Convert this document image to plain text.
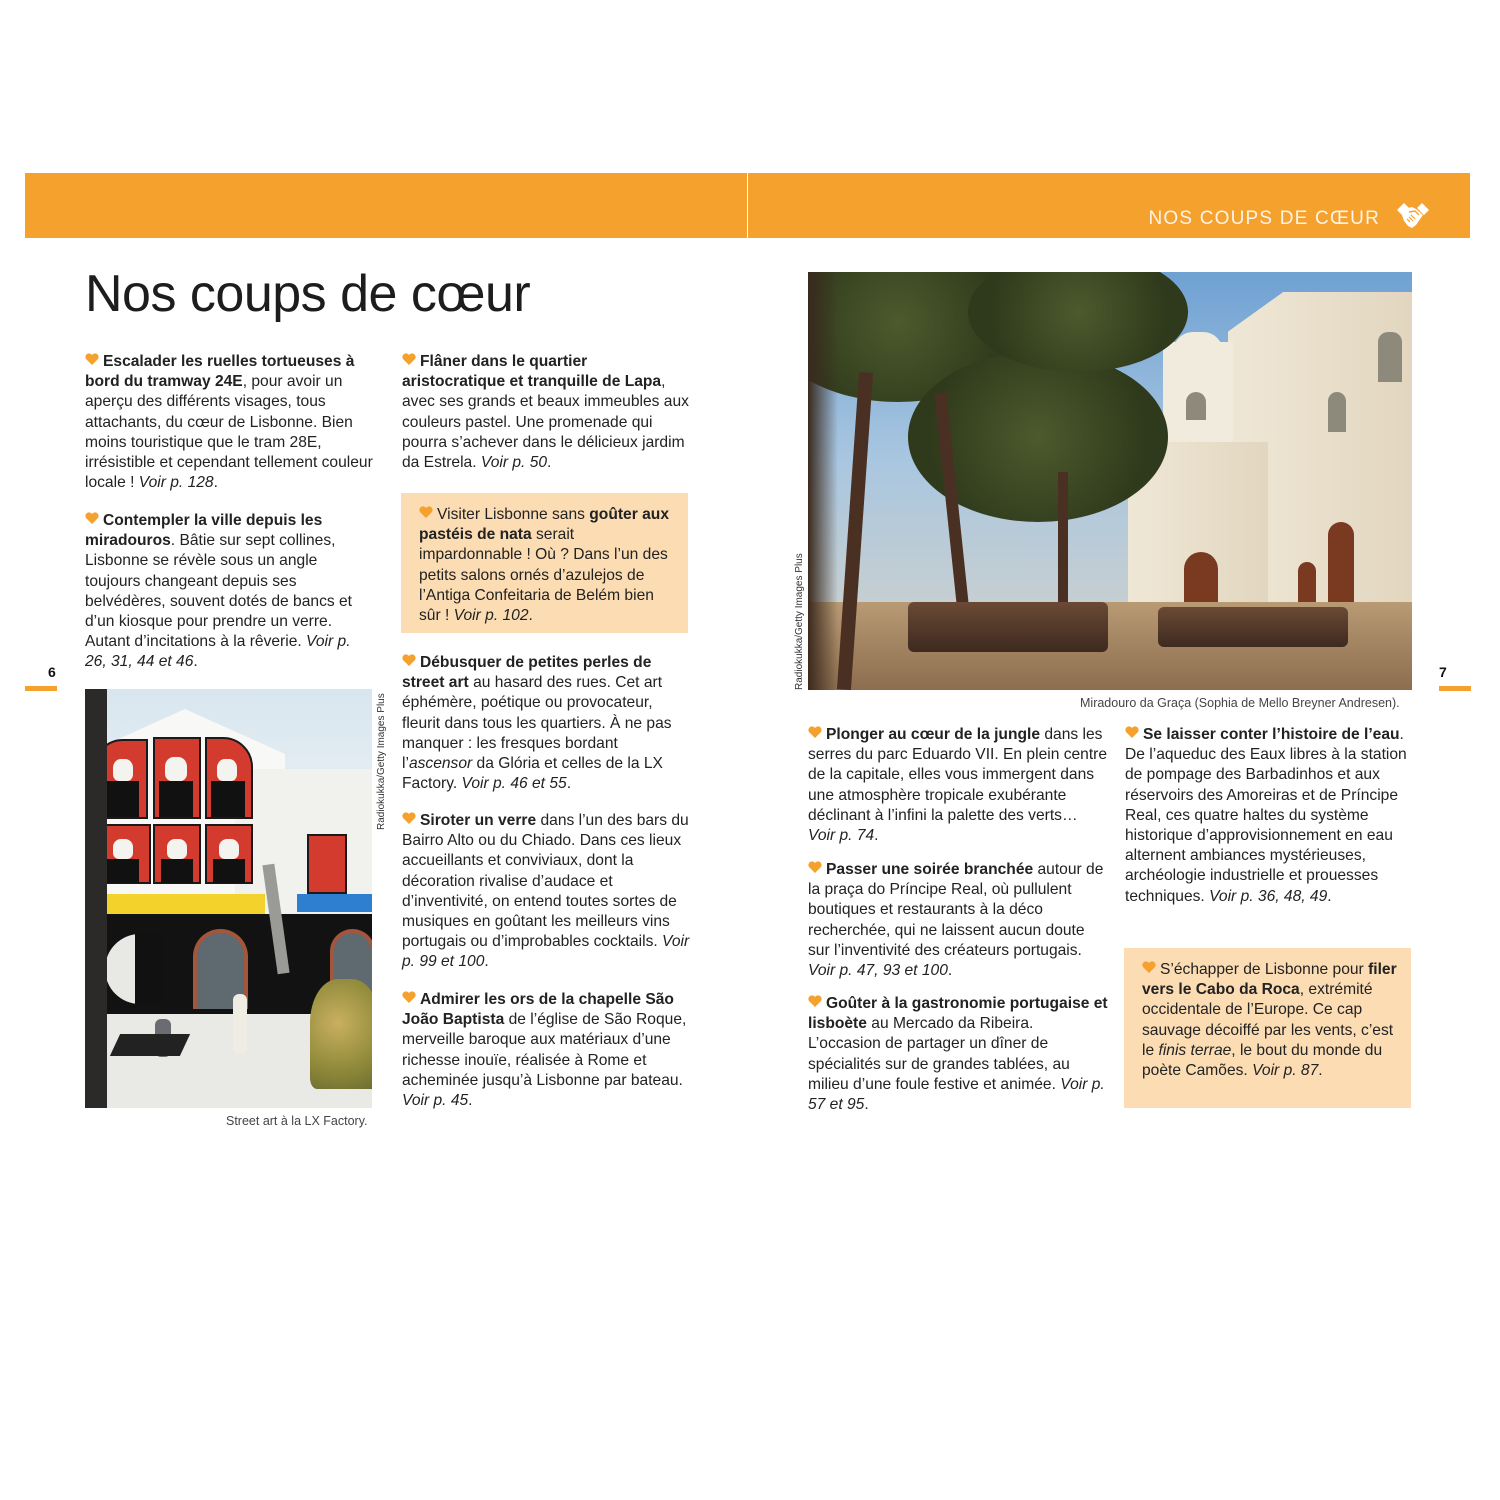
NOS COUPS DE CŒUR
Nos coups de cœur
Escalader les ruelles tortueuses à bord du tramway 24E, pour avoir un aperçu des différents visages, tous attachants, du cœur de Lisbonne. Bien moins touristique que le tram 28E, irrésistible et cependant tellement couleur locale ! Voir p. 128.
Contempler la ville depuis les miradouros. Bâtie sur sept collines, Lisbonne se révèle sous un angle toujours changeant depuis ses belvédères, souvent dotés de bancs et d’un kiosque pour prendre un verre. Autant d’incitations à la rêverie. Voir p. 26, 31, 44 et 46.
6
Radiokukka/Getty Images Plus
Street art à la LX Factory.
Flâner dans le quartier aristocratique et tranquille de Lapa, avec ses grands et beaux immeubles aux couleurs pastel. Une promenade qui pourra s’achever dans le délicieux jardim da Estrela. Voir p. 50.
Visiter Lisbonne sans goûter aux pastéis de nata serait impardonnable ! Où ? Dans l’un des petits salons ornés d’azulejos de l’Antiga Confeitaria de Belém bien sûr ! Voir p. 102.
Débusquer de petites perles de street art au hasard des rues. Cet art éphémère, poétique ou provocateur, fleurit dans tous les quartiers. À ne pas manquer : les fresques bordant l’ascensor da Glória et celles de la LX Factory. Voir p. 46 et 55.
Siroter un verre dans l’un des bars du Bairro Alto ou du Chiado. Dans ces lieux accueillants et conviviaux, dont la décoration rivalise d’audace et d’inventivité, on entend toutes sortes de musiques en goûtant les meilleurs vins portugais ou d’improbables cocktails. Voir p. 99 et 100.
Admirer les ors de la chapelle São João Baptista de l’église de São Roque, merveille baroque aux matériaux d’une richesse inouïe, réalisée à Rome et acheminée jusqu’à Lisbonne par bateau. Voir p. 45.
Radiokukka/Getty Images Plus
Miradouro da Graça (Sophia de Mello Breyner Andresen).
7
Plonger au cœur de la jungle dans les serres du parc Eduardo VII. En plein centre de la capitale, elles vous immergent dans une atmosphère tropicale exubérante déclinant à l’infini la palette des verts… Voir p. 74.
Passer une soirée branchée autour de la praça do Príncipe Real, où pullulent boutiques et restaurants à la déco recherchée, qui ne laissent aucun doute sur l’inventivité des créateurs portugais. Voir p. 47, 93 et 100.
Goûter à la gastronomie portugaise et lisboète au Mercado da Ribeira. L’occasion de partager un dîner de spécialités sur de grandes tablées, au milieu d’une foule festive et animée. Voir p. 57 et 95.
Se laisser conter l’histoire de l’eau. De l’aqueduc des Eaux libres à la station de pompage des Barbadinhos et aux réservoirs des Amoreiras et de Príncipe Real, ces quatre haltes du système historique d’approvisionnement en eau alternent ambiances mystérieuses, archéologie industrielle et prouesses techniques. Voir p. 36, 48, 49.
S’échapper de Lisbonne pour filer vers le Cabo da Roca, extrémité occidentale de l’Europe. Ce cap sauvage décoiffé par les vents, c’est le finis terrae, le bout du monde du poète Camões. Voir p. 87.
